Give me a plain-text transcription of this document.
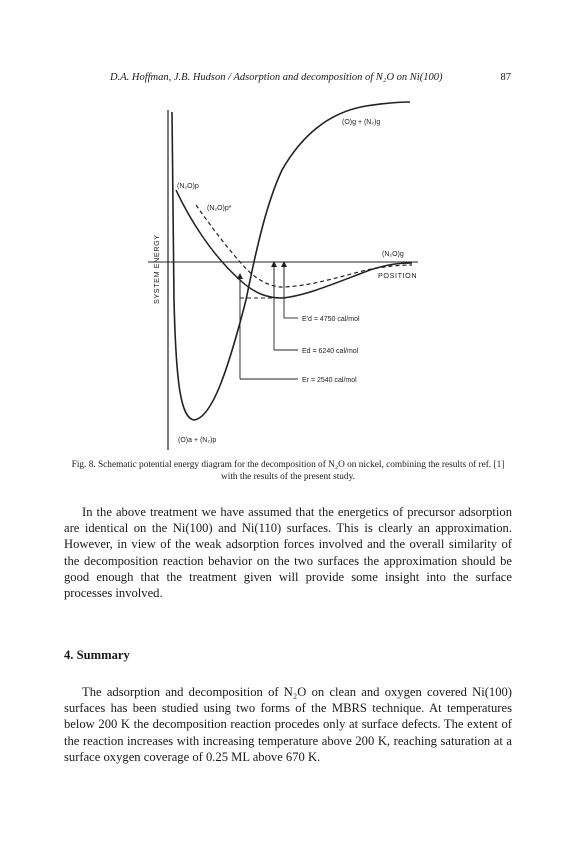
D.A. Hoffman, J.B. Hudson / Adsorption and decomposition of N₂O on Ni(100)	87
(O)g + (N₂)g
(N₂O)p
(N₂O)p*
(N₂O)g
POSITION
E′d = 4750 cal/mol
Ed = 6240 cal/mol
Er = 2540 cal/mol
(O)a + (N₂)p
SYSTEM ENERGY
Fig. 8. Schematic potential energy diagram for the decomposition of N₂O on nickel, combining the results of ref. [1] with the results of the present study.

In the above treatment we have assumed that the energetics of precursor adsorption are identical on the Ni(100) and Ni(110) surfaces. This is clearly an approximation. However, in view of the weak adsorption forces involved and the overall similarity of the decomposition reaction behavior on the two surfaces the approximation should be good enough that the treatment given will provide some insight into the surface processes involved.

4. Summary

The adsorption and decomposition of N₂O on clean and oxygen covered Ni(100) surfaces has been studied using two forms of the MBRS technique. At temperatures below 200 K the decomposition reaction procedes only at surface defects. The extent of the reaction increases with increasing temperature above 200 K, reaching saturation at a surface oxygen coverage of 0.25 ML above 670 K.
